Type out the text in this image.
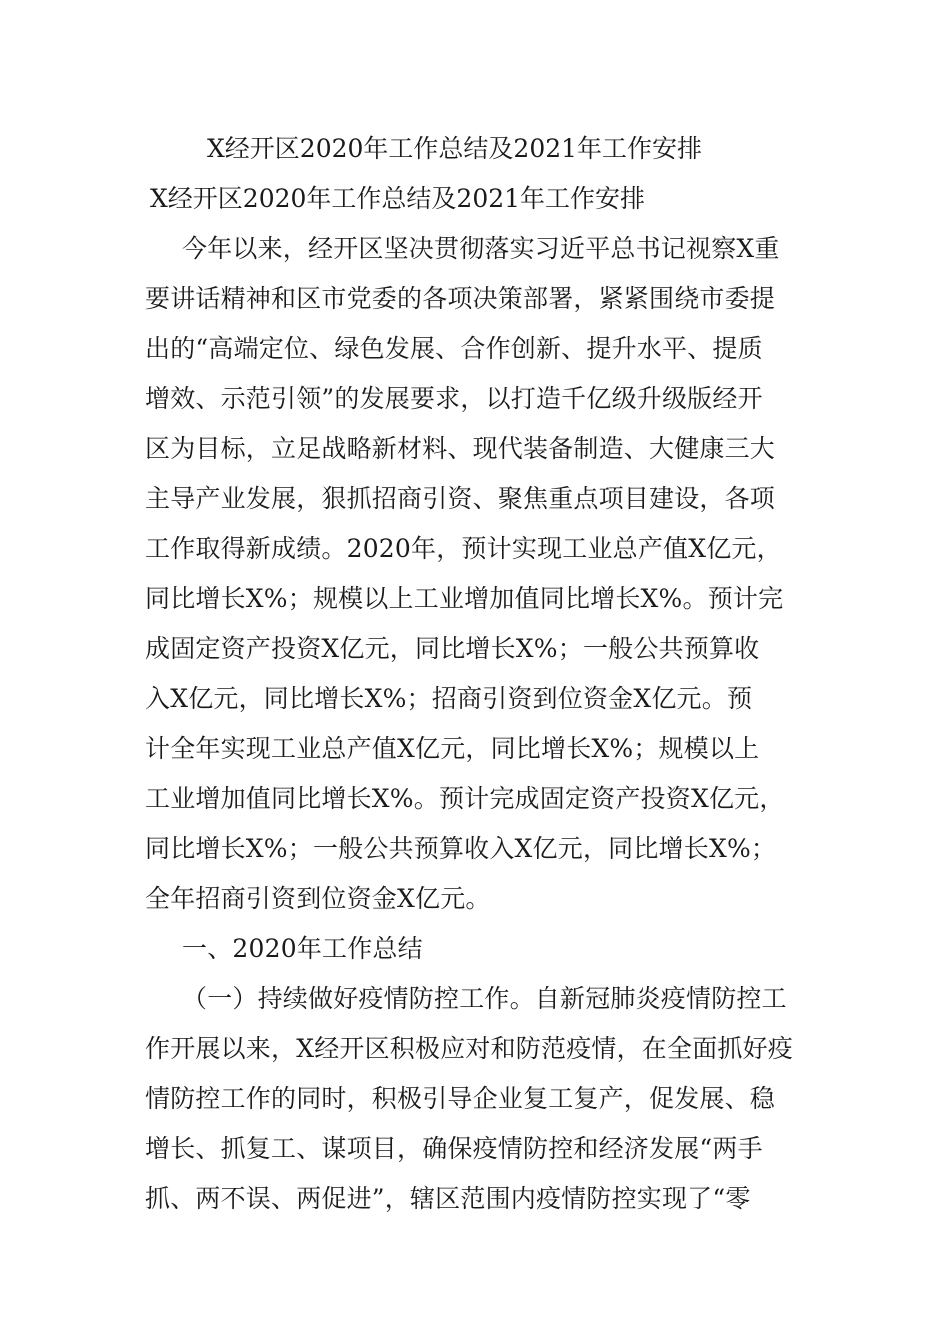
X经开区2020年工作总结及2021年工作安排
X经开区2020年工作总结及2021年工作安排
今年以来，经开区坚决贯彻落实习近平总书记视察X重
要讲话精神和区市党委的各项决策部署，紧紧围绕市委提
出的“高端定位、绿色发展、合作创新、提升水平、提质
增效、示范引领”的发展要求，以打造千亿级升级版经开
区为目标，立足战略新材料、现代装备制造、大健康三大
主导产业发展，狠抓招商引资、聚焦重点项目建设，各项
工作取得新成绩。2020年，预计实现工业总产值X亿元，
同比增长X%；规模以上工业增加值同比增长X%。预计完
成固定资产投资X亿元，同比增长X%；一般公共预算收
入X亿元，同比增长X%；招商引资到位资金X亿元。预
计全年实现工业总产值X亿元，同比增长X%；规模以上
工业增加值同比增长X%。预计完成固定资产投资X亿元，
同比增长X%；一般公共预算收入X亿元，同比增长X%；
全年招商引资到位资金X亿元。
一、2020年工作总结
（一）持续做好疫情防控工作。自新冠肺炎疫情防控工
作开展以来，X经开区积极应对和防范疫情，在全面抓好疫
情防控工作的同时，积极引导企业复工复产，促发展、稳
增长、抓复工、谋项目，确保疫情防控和经济发展“两手
抓、两不误、两促进”，辖区范围内疫情防控实现了“零
